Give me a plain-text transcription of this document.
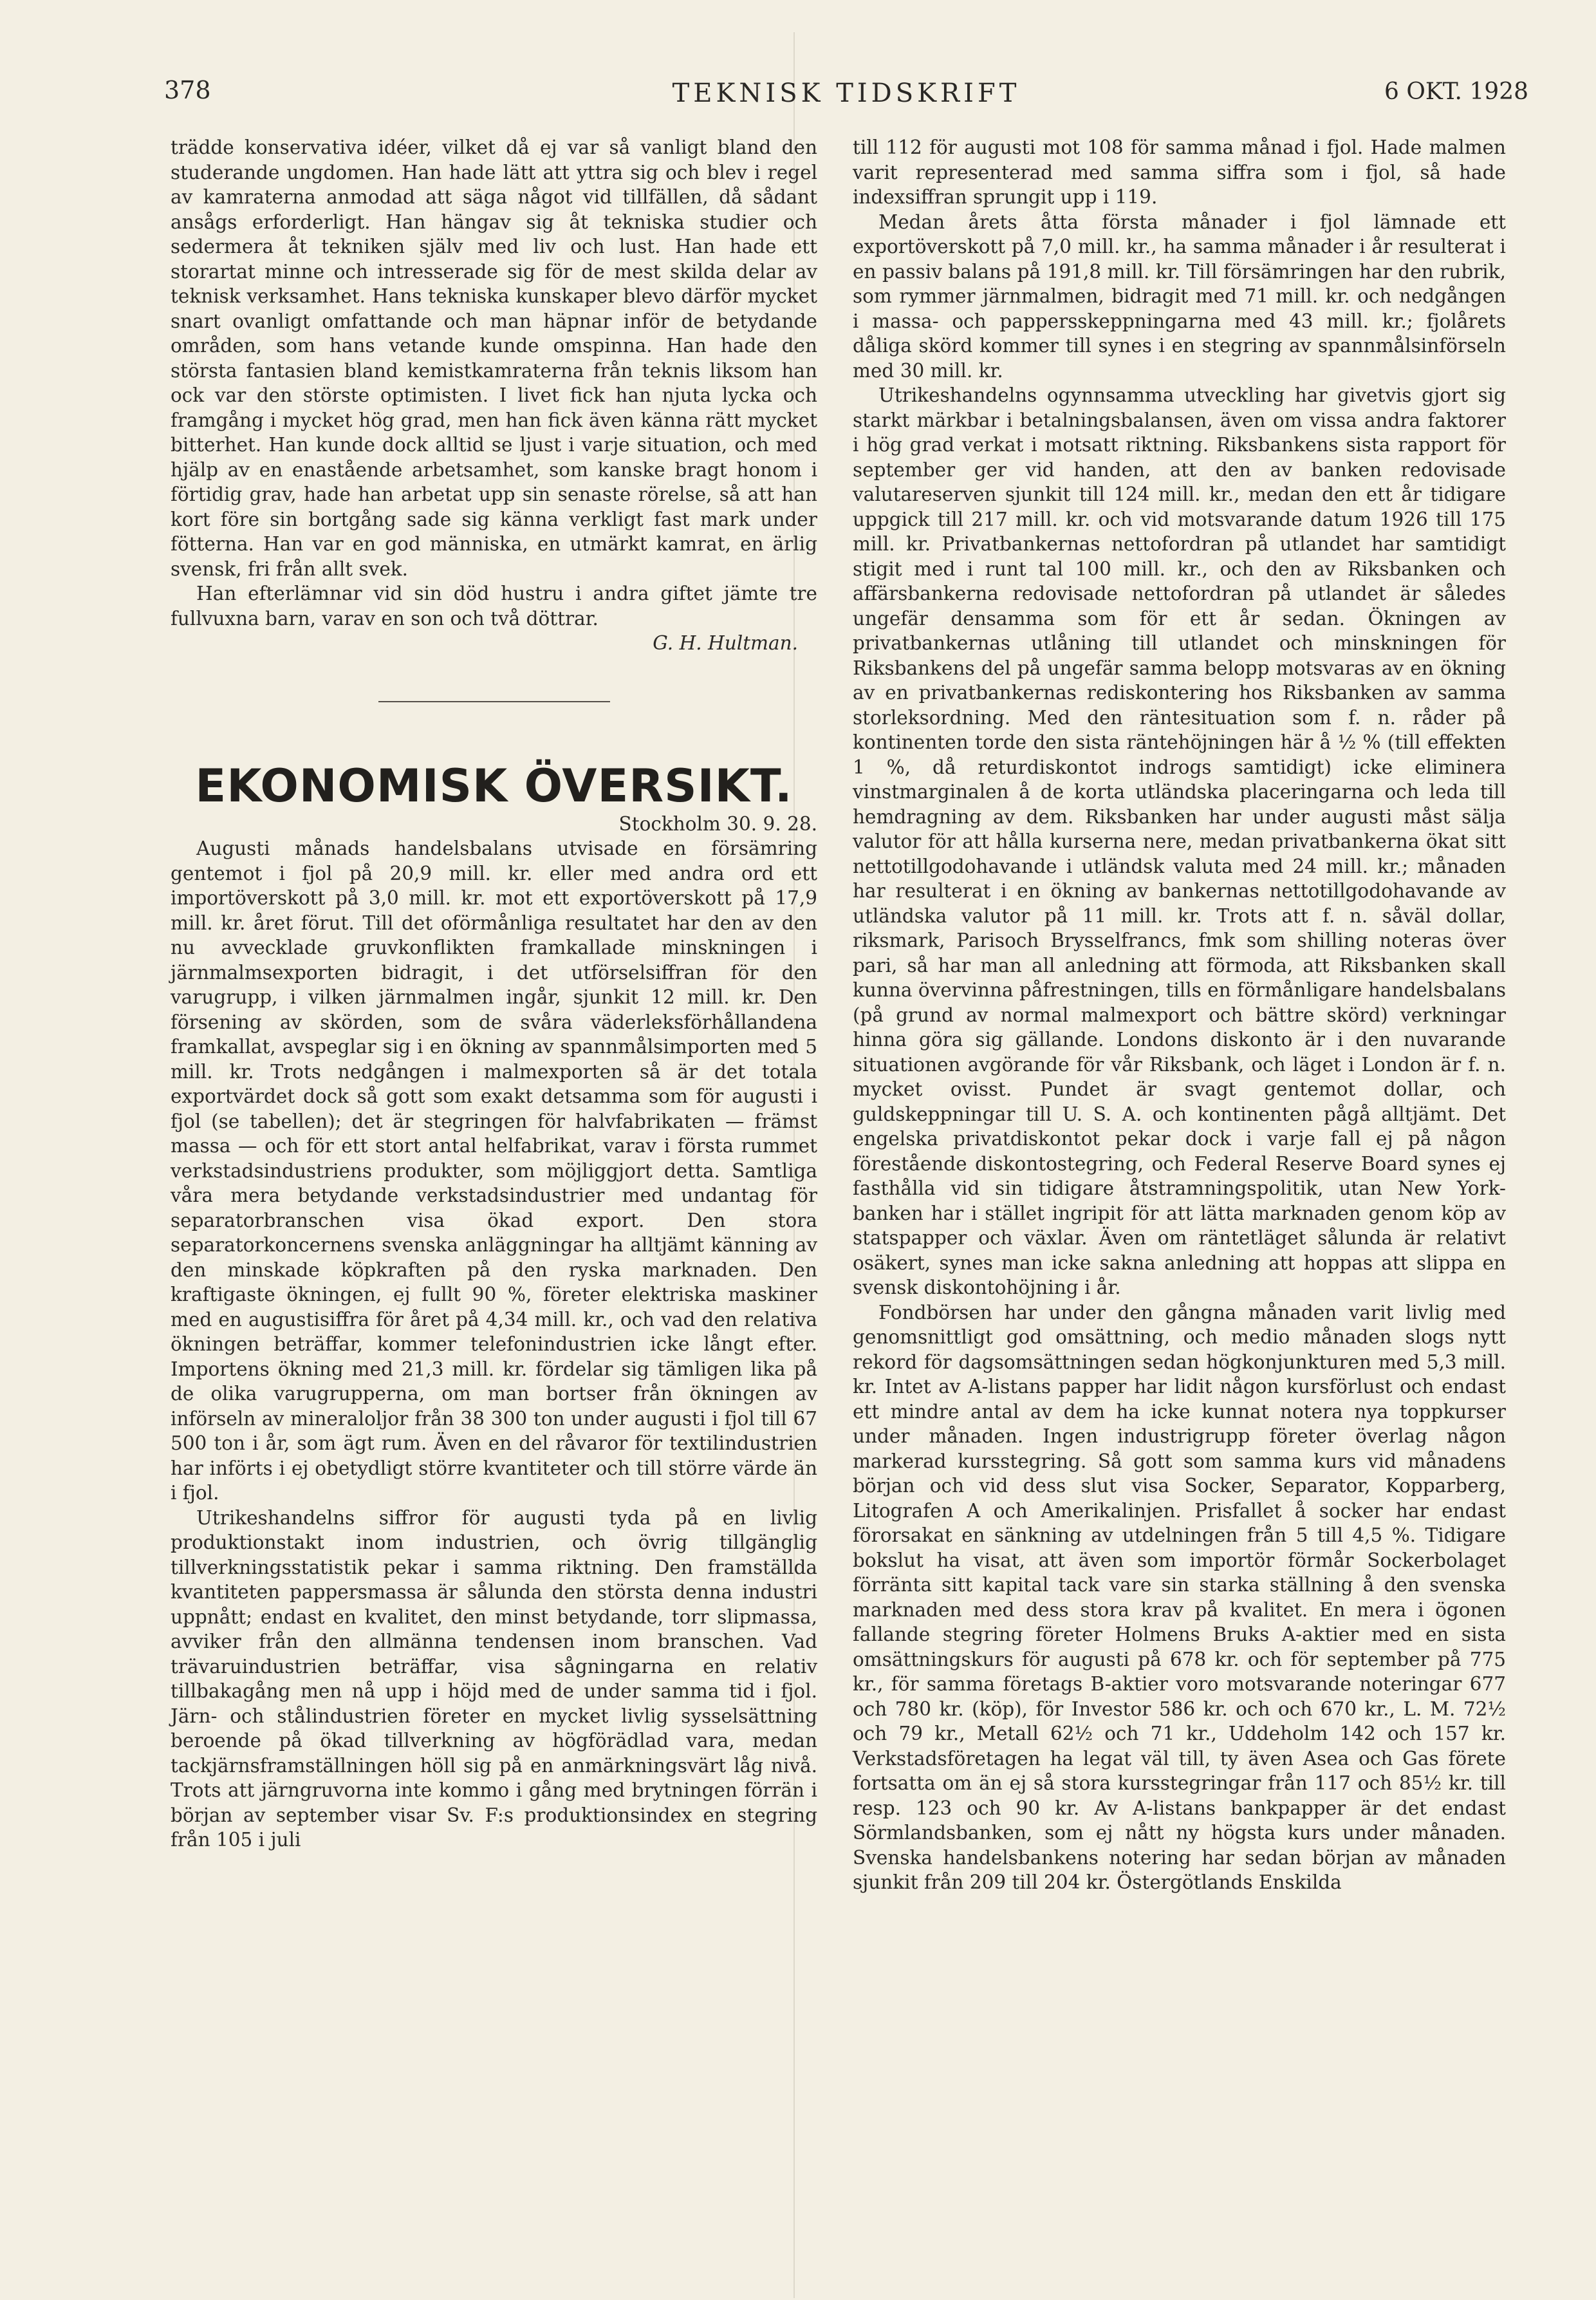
378	TEKNISK TIDSKRIFT	6 OKT. 1928

trädde konservativa idéer, vilket då ej var så vanligt bland den studerande ungdomen. Han hade lätt att yttra sig och blev i regel av kamraterna anmodad att säga något vid tillfällen, då sådant ansågs erforderligt. Han hängav sig åt tekniska studier och sedermera åt tekniken själv med liv och lust. Han hade ett storartat minne och intresserade sig för de mest skilda delar av teknisk verksamhet. Hans tekniska kunskaper blevo därför mycket snart ovanligt omfattande och man häpnar inför de betydande områden, som hans vetande kunde omspinna. Han hade den största fantasien bland kemistkamraterna från teknis liksom han ock var den störste optimisten. I livet fick han njuta lycka och framgång i mycket hög grad, men han fick även känna rätt mycket bitterhet. Han kunde dock alltid se ljust i varje situation, och med hjälp av en enastående arbetsamhet, som kanske bragt honom i förtidig grav, hade han arbetat upp sin senaste rörelse, så att han kort före sin bortgång sade sig känna verkligt fast mark under fötterna. Han var en god människa, en utmärkt kamrat, en ärlig svensk, fri från allt svek.

Han efterlämnar vid sin död hustru i andra giftet jämte tre fullvuxna barn, varav en son och två döttrar.

G. H. Hultman.

EKONOMISK ÖVERSIKT.

Stockholm 30. 9. 28.

Augusti månads handelsbalans utvisade en försämring gentemot i fjol på 20,9 mill. kr. eller med andra ord ett importöverskott på 3,0 mill. kr. mot ett exportöverskott på 17,9 mill. kr. året förut. Till det oförmånliga resultatet har den av den nu avvecklade gruvkonflikten framkallade minskningen i järnmalmsexporten bidragit, i det utförselsiffran för den varugrupp, i vilken järnmalmen ingår, sjunkit 12 mill. kr. Den försening av skörden, som de svåra väderleksförhållandena framkallat, avspeglar sig i en ökning av spannmålsimporten med 5 mill. kr. Trots nedgången i malmexporten så är det totala exportvärdet dock så gott som exakt detsamma som för augusti i fjol (se tabellen); det är stegringen för halvfabrikaten — främst massa — och för ett stort antal helfabrikat, varav i första rummet verkstadsindustriens produkter, som möjliggjort detta. Samtliga våra mera betydande verkstadsindustrier med undantag för separatorbranschen visa ökad export. Den stora separatorkoncernens svenska anläggningar ha alltjämt känning av den minskade köpkraften på den ryska marknaden. Den kraftigaste ökningen, ej fullt 90 %, företer elektriska maskiner med en augustisiffra för året på 4,34 mill. kr., och vad den relativa ökningen beträffar, kommer telefonindustrien icke långt efter. Importens ökning med 21,3 mill. kr. fördelar sig tämligen lika på de olika varugrupperna, om man bortser från ökningen av införseln av mineraloljor från 38 300 ton under augusti i fjol till 67 500 ton i år, som ägt rum. Även en del råvaror för textilindustrien har införts i ej obetydligt större kvantiteter och till större värde än i fjol.

Utrikeshandelns siffror för augusti tyda på en livlig produktionstakt inom industrien, och övrig tillgänglig tillverkningsstatistik pekar i samma riktning. Den framställda kvantiteten pappersmassa är sålunda den största denna industri uppnått; endast en kvalitet, den minst betydande, torr slipmassa, avviker från den allmänna tendensen inom branschen. Vad trävaruindustrien beträffar, visa sågningarna en relativ tillbakagång men nå upp i höjd med de under samma tid i fjol. Järn- och stålindustrien företer en mycket livlig sysselsättning beroende på ökad tillverkning av högförädlad vara, medan tackjärnsframställningen höll sig på en anmärkningsvärt låg nivå. Trots att järngruvorna inte kommo i gång med brytningen förrän i början av september visar Sv. F:s produktionsindex en stegring från 105 i juli

till 112 för augusti mot 108 för samma månad i fjol. Hade malmen varit representerad med samma siffra som i fjol, så hade indexsiffran sprungit upp i 119.

Medan årets åtta första månader i fjol lämnade ett exportöverskott på 7,0 mill. kr., ha samma månader i år resulterat i en passiv balans på 191,8 mill. kr. Till försämringen har den rubrik, som rymmer järnmalmen, bidragit med 71 mill. kr. och nedgången i massa- och pappersskeppningarna med 43 mill. kr.; fjolårets dåliga skörd kommer till synes i en stegring av spannmålsinförseln med 30 mill. kr.

Utrikeshandelns ogynnsamma utveckling har givetvis gjort sig starkt märkbar i betalningsbalansen, även om vissa andra faktorer i hög grad verkat i motsatt riktning. Riksbankens sista rapport för september ger vid handen, att den av banken redovisade valutareserven sjunkit till 124 mill. kr., medan den ett år tidigare uppgick till 217 mill. kr. och vid motsvarande datum 1926 till 175 mill. kr. Privatbankernas nettofordran på utlandet har samtidigt stigit med i runt tal 100 mill. kr., och den av Riksbanken och affärsbankerna redovisade nettofordran på utlandet är således ungefär densamma som för ett år sedan. Ökningen av privatbankernas utlåning till utlandet och minskningen för Riksbankens del på ungefär samma belopp motsvaras av en ökning av en privatbankernas rediskontering hos Riksbanken av samma storleksordning. Med den räntesituation som f. n. råder på kontinenten torde den sista räntehöjningen här å ½ % (till effekten 1 %, då returdiskontot indrogs samtidigt) icke eliminera vinstmarginalen å de korta utländska placeringarna och leda till hemdragning av dem. Riksbanken har under augusti måst sälja valutor för att hålla kurserna nere, medan privatbankerna ökat sitt nettotillgodohavande i utländsk valuta med 24 mill. kr.; månaden har resulterat i en ökning av bankernas nettotillgodohavande av utländska valutor på 11 mill. kr. Trots att f. n. såväl dollar, riksmark, Parisoch Brysselfrancs, fmk som shilling noteras över pari, så har man all anledning att förmoda, att Riksbanken skall kunna övervinna påfrestningen, tills en förmånligare handelsbalans (på grund av normal malmexport och bättre skörd) verkningar hinna göra sig gällande. Londons diskonto är i den nuvarande situationen avgörande för vår Riksbank, och läget i London är f. n. mycket ovisst. Pundet är svagt gentemot dollar, och guldskeppningar till U. S. A. och kontinenten pågå alltjämt. Det engelska privatdiskontot pekar dock i varje fall ej på någon förestående diskontostegring, och Federal Reserve Board synes ej fasthålla vid sin tidigare åtstramningspolitik, utan New York-banken har i stället ingripit för att lätta marknaden genom köp av statspapper och växlar. Även om räntetläget sålunda är relativt osäkert, synes man icke sakna anledning att hoppas att slippa en svensk diskontohöjning i år.

Fondbörsen har under den gångna månaden varit livlig med genomsnittligt god omsättning, och medio månaden slogs nytt rekord för dagsomsättningen sedan högkonjunkturen med 5,3 mill. kr. Intet av A-listans papper har lidit någon kursförlust och endast ett mindre antal av dem ha icke kunnat notera nya toppkurser under månaden. Ingen industrigrupp företer överlag någon markerad kursstegring. Så gott som samma kurs vid månadens början och vid dess slut visa Socker, Separator, Kopparberg, Litografen A och Amerikalinjen. Prisfallet å socker har endast förorsakat en sänkning av utdelningen från 5 till 4,5 %. Tidigare bokslut ha visat, att även som importör förmår Sockerbolaget förränta sitt kapital tack vare sin starka ställning å den svenska marknaden med dess stora krav på kvalitet. En mera i ögonen fallande stegring företer Holmens Bruks A-aktier med en sista omsättningskurs för augusti på 678 kr. och för september på 775 kr., för samma företags B-aktier voro motsvarande noteringar 677 och 780 kr. (köp), för Investor 586 kr. och och 670 kr., L. M. 72½ och 79 kr., Metall 62½ och 71 kr., Uddeholm 142 och 157 kr. Verkstadsföretagen ha legat väl till, ty även Asea och Gas förete fortsatta om än ej så stora kursstegringar från 117 och 85½ kr. till resp. 123 och 90 kr. Av A-listans bankpapper är det endast Sörmlandsbanken, som ej nått ny högsta kurs under månaden. Svenska handelsbankens notering har sedan början av månaden sjunkit från 209 till 204 kr. Östergötlands Enskilda
